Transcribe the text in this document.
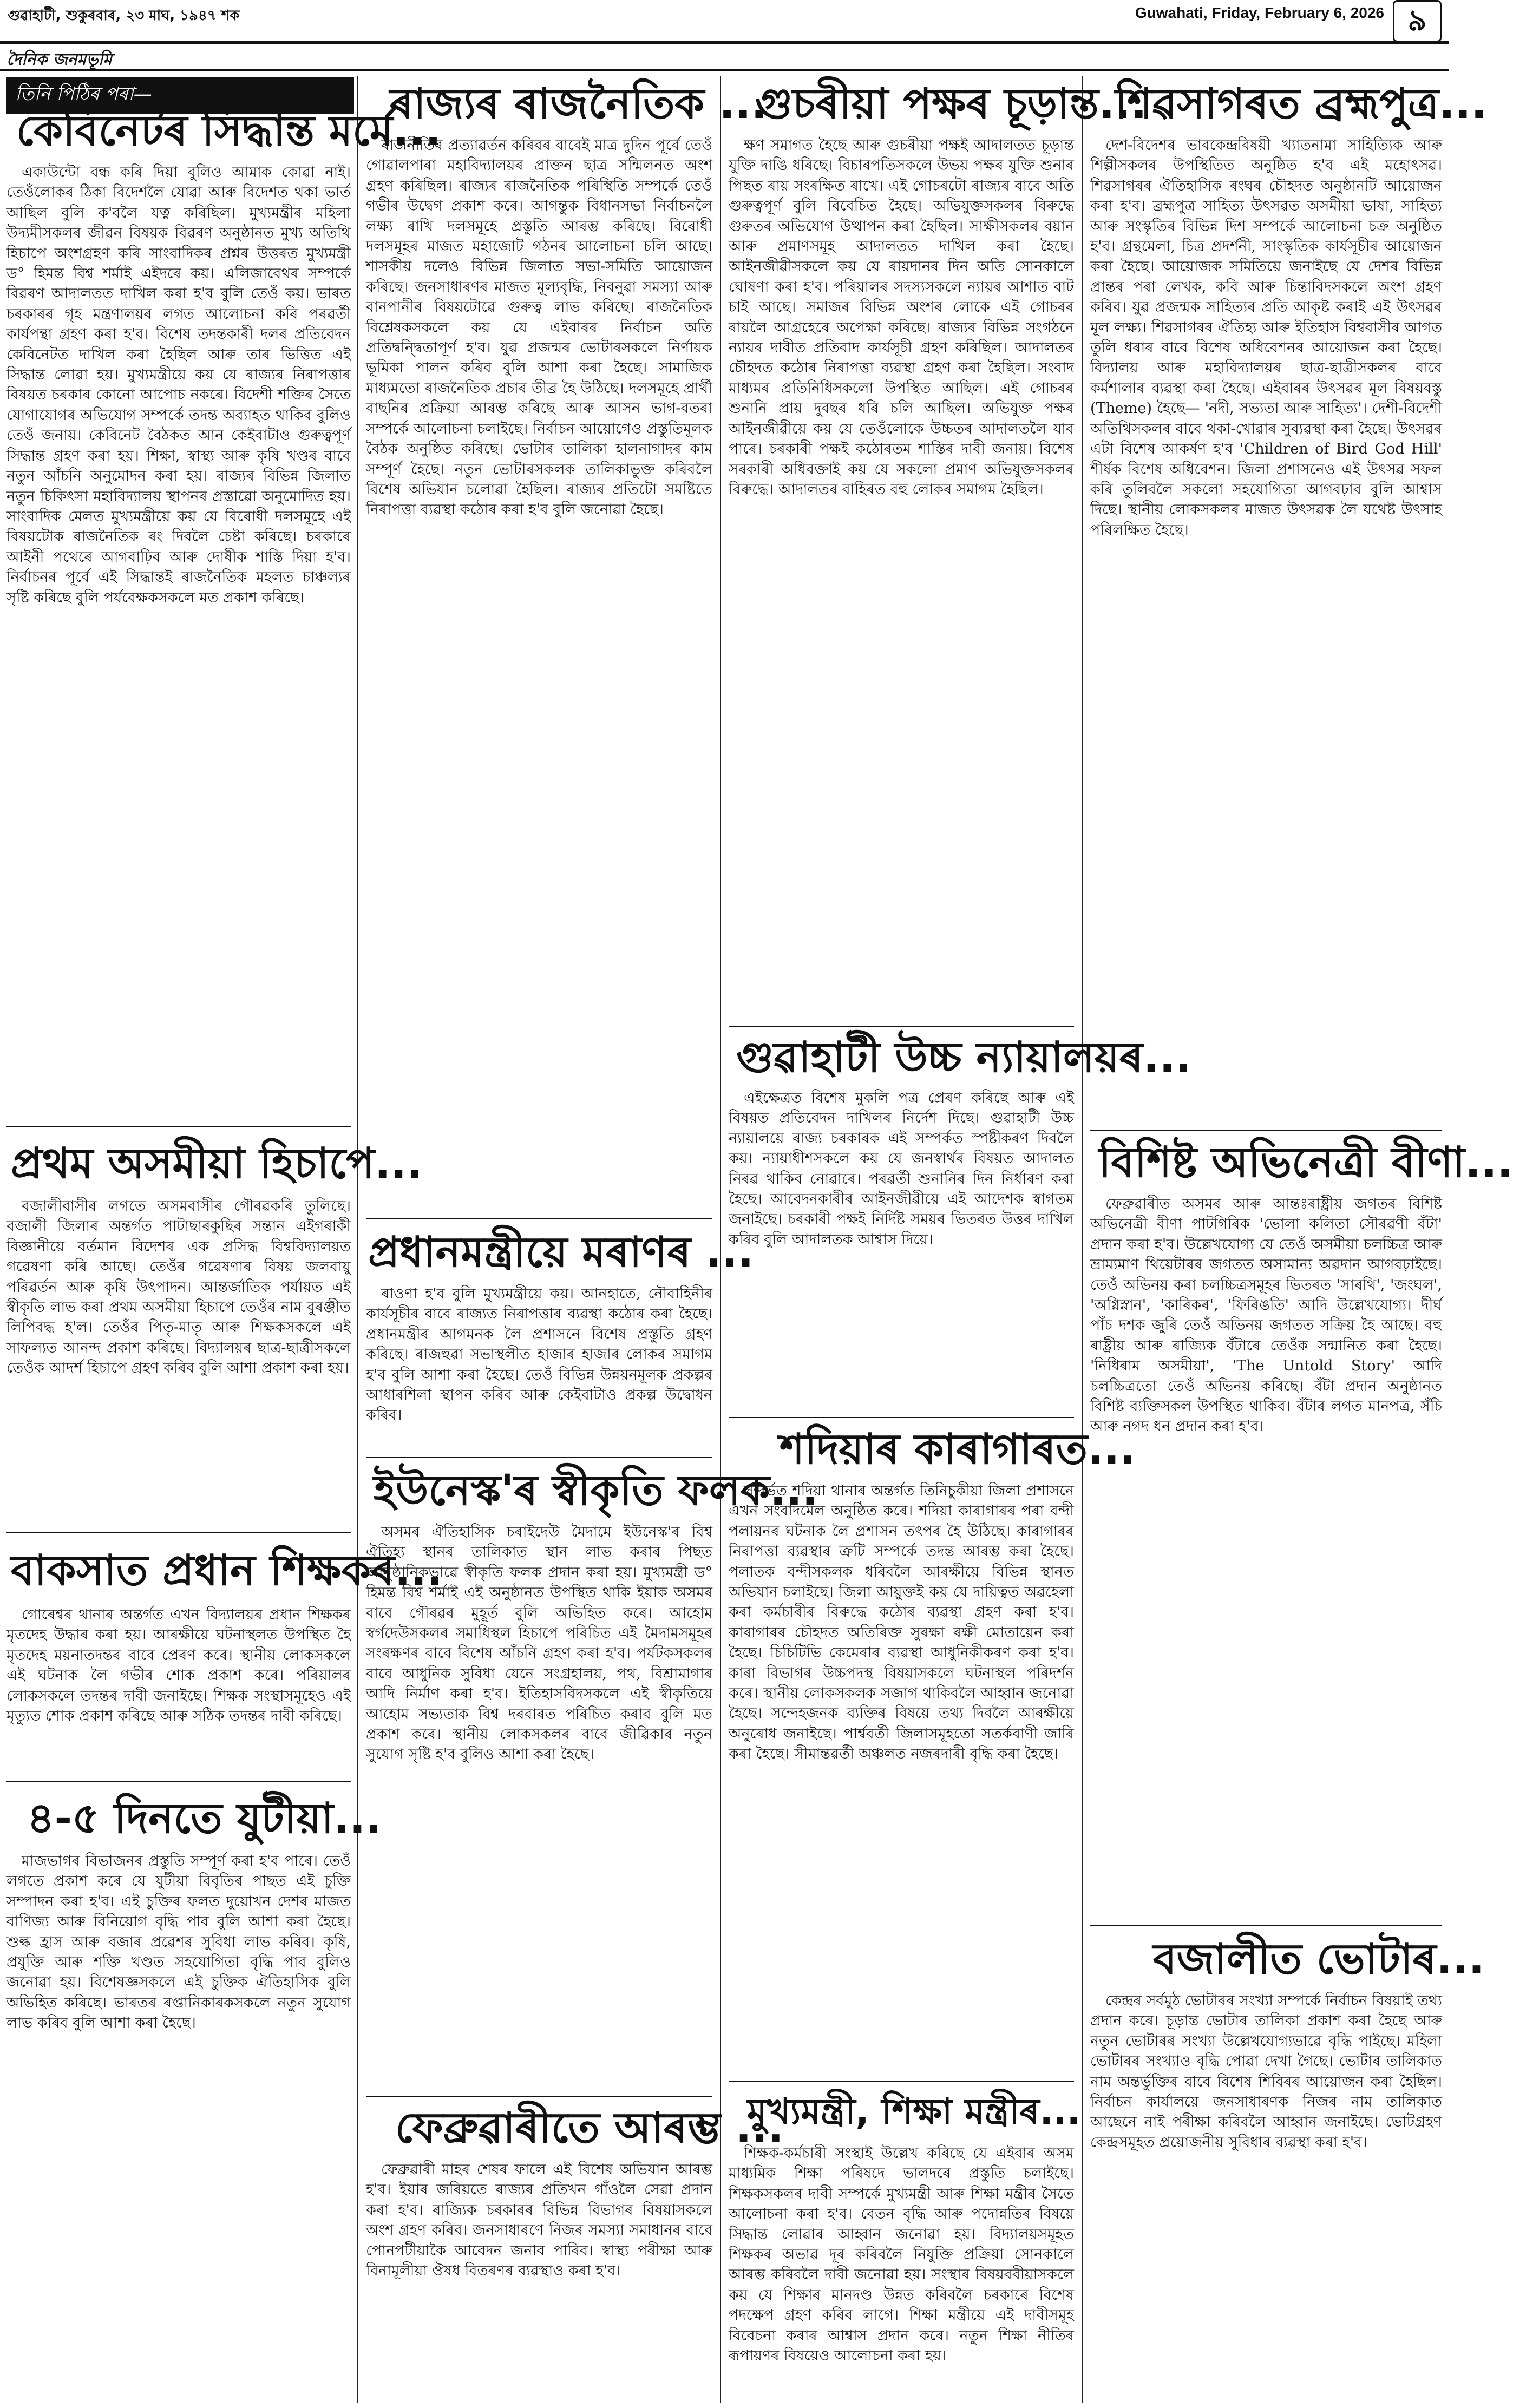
গুৱাহাটী, শুকুৰবাৰ, ২৩ মাঘ, ১৯৪৭ শক	Guwahati, Friday, February 6, 2026 ৯
দৈনিক জনমভূমি
তিনি পিঠিৰ পৰা—
কেবিনেটৰ সিদ্ধান্ত মৰ্মে...

একাউন্টো বন্ধ কৰি দিয়া বুলিও আমাক কোৱা নাই। তেওঁলোকৰ ঠিকা বিদেশলৈ যোৱা আৰু বিদেশত থকা ভাৰ্ত আছিল বুলি ক'বলৈ যত্ন কৰিছিল। মুখ্যমন্ত্ৰীৰ মহিলা উদ্যমীসকলৰ জীৱন বিষয়ক বিৱৰণ অনুষ্ঠানত মুখ্য অতিথি হিচাপে অংশগ্ৰহণ কৰি সাংবাদিকৰ প্ৰশ্নৰ উত্তৰত মুখ্যমন্ত্ৰী ড° হিমন্ত বিশ্ব শৰ্মাই এইদৰে কয়। এলিজাবেথৰ সম্পৰ্কে বিৱৰণ আদালতত দাখিল কৰা হ'ব বুলি তেওঁ কয়। ভাৰত চৰকাৰৰ গৃহ মন্ত্ৰণালয়ৰ লগত আলোচনা কৰি পৰৱৰ্তী কাৰ্যপন্থা গ্ৰহণ কৰা হ'ব। বিশেষ তদন্তকাৰী দলৰ প্ৰতিবেদন কেবিনেটত দাখিল কৰা হৈছিল আৰু তাৰ ভিত্তিত এই সিদ্ধান্ত লোৱা হয়। মুখ্যমন্ত্ৰীয়ে কয় যে ৰাজ্যৰ নিৰাপত্তাৰ বিষয়ত চৰকাৰ কোনো আপোচ নকৰে। বিদেশী শক্তিৰ সৈতে যোগাযোগৰ অভিযোগ সম্পৰ্কে তদন্ত অব্যাহত থাকিব বুলিও তেওঁ জনায়। কেবিনেট বৈঠকত আন কেইবাটাও গুৰুত্বপূৰ্ণ সিদ্ধান্ত গ্ৰহণ কৰা হয়। শিক্ষা, স্বাস্থ্য আৰু কৃষি খণ্ডৰ বাবে নতুন আঁচনি অনুমোদন কৰা হয়। ৰাজ্যৰ বিভিন্ন জিলাত নতুন চিকিৎসা মহাবিদ্যালয় স্থাপনৰ প্ৰস্তাৱো অনুমোদিত হয়। সাংবাদিক মেলত মুখ্যমন্ত্ৰীয়ে কয় যে বিৰোধী দলসমূহে এই বিষয়টোক ৰাজনৈতিক ৰং দিবলৈ চেষ্টা কৰিছে। চৰকাৰে আইনী পথেৰে আগবাঢ়িব আৰু দোষীক শাস্তি দিয়া হ'ব। নিৰ্বাচনৰ পূৰ্বে এই সিদ্ধান্তই ৰাজনৈতিক মহলত চাঞ্চল্যৰ সৃষ্টি কৰিছে বুলি পৰ্যবেক্ষকসকলে মত প্ৰকাশ কৰিছে।

প্ৰথম অসমীয়া হিচাপে...

বজালীবাসীৰ লগতে অসমবাসীৰ গৌৰৱকৰি তুলিছে। বজালী জিলাৰ অন্তৰ্গত পাটাছাৰকুছিৰ সন্তান এইগৰাকী বিজ্ঞানীয়ে বৰ্তমান বিদেশৰ এক প্ৰসিদ্ধ বিশ্ববিদ্যালয়ত গৱেষণা কৰি আছে। তেওঁৰ গৱেষণাৰ বিষয় জলবায়ু পৰিৱৰ্তন আৰু কৃষি উৎপাদন। আন্তৰ্জাতিক পৰ্যায়ত এই স্বীকৃতি লাভ কৰা প্ৰথম অসমীয়া হিচাপে তেওঁৰ নাম বুৰঞ্জীত লিপিবদ্ধ হ'ল। তেওঁৰ পিতৃ-মাতৃ আৰু শিক্ষকসকলে এই সাফল্যত আনন্দ প্ৰকাশ কৰিছে। বিদ্যালয়ৰ ছাত্ৰ-ছাত্ৰীসকলে তেওঁক আদৰ্শ হিচাপে গ্ৰহণ কৰিব বুলি আশা প্ৰকাশ কৰা হয়।

বাকসাত প্ৰধান শিক্ষকৰ...

গোৰেশ্বৰ থানাৰ অন্তৰ্গত এখন বিদ্যালয়ৰ প্ৰধান শিক্ষকৰ মৃতদেহ উদ্ধাৰ কৰা হয়। আৰক্ষীয়ে ঘটনাস্থলত উপস্থিত হৈ মৃতদেহ ময়নাতদন্তৰ বাবে প্ৰেৰণ কৰে। স্থানীয় লোকসকলে এই ঘটনাক লৈ গভীৰ শোক প্ৰকাশ কৰে। পৰিয়ালৰ লোকসকলে তদন্তৰ দাবী জনাইছে। শিক্ষক সংস্থাসমূহেও এই মৃত্যুত শোক প্ৰকাশ কৰিছে আৰু সঠিক তদন্তৰ দাবী কৰিছে।

৪-৫ দিনতে যুটীয়া...

মাজভাগৰ বিভাজনৰ প্ৰস্তুতি সম্পূৰ্ণ কৰা হ'ব পাৰে। তেওঁ লগতে প্ৰকাশ কৰে যে যুটীয়া বিবৃতিৰ পাছত এই চুক্তি সম্পাদন কৰা হ'ব। এই চুক্তিৰ ফলত দুয়োখন দেশৰ মাজত বাণিজ্য আৰু বিনিয়োগ বৃদ্ধি পাব বুলি আশা কৰা হৈছে। শুল্ক হ্ৰাস আৰু বজাৰ প্ৰৱেশৰ সুবিধা লাভ কৰিব। কৃষি, প্ৰযুক্তি আৰু শক্তি খণ্ডত সহযোগিতা বৃদ্ধি পাব বুলিও জনোৱা হয়। বিশেষজ্ঞসকলে এই চুক্তিক ঐতিহাসিক বুলি অভিহিত কৰিছে। ভাৰতৰ ৰপ্তানিকাৰকসকলে নতুন সুযোগ লাভ কৰিব বুলি আশা কৰা হৈছে।

ৰাজ্যৰ ৰাজনৈতিক ...

ৰাজনীতিৰ প্ৰত্যাৱৰ্তন কৰিবৰ বাবেই মাত্ৰ দুদিন পূৰ্বে তেওঁ গোৱালপাৰা মহাবিদ্যালয়ৰ প্ৰাক্তন ছাত্ৰ সন্মিলনত অংশ গ্ৰহণ কৰিছিল। ৰাজ্যৰ ৰাজনৈতিক পৰিস্থিতি সম্পৰ্কে তেওঁ গভীৰ উদ্বেগ প্ৰকাশ কৰে। আগন্তুক বিধানসভা নিৰ্বাচনলৈ লক্ষ্য ৰাখি দলসমূহে প্ৰস্তুতি আৰম্ভ কৰিছে। বিৰোধী দলসমূহৰ মাজত মহাজোট গঠনৰ আলোচনা চলি আছে। শাসকীয় দলেও বিভিন্ন জিলাত সভা-সমিতি আয়োজন কৰিছে। জনসাধাৰণৰ মাজত মূল্যবৃদ্ধি, নিবনুৱা সমস্যা আৰু বানপানীৰ বিষয়টোৱে গুৰুত্ব লাভ কৰিছে। ৰাজনৈতিক বিশ্লেষকসকলে কয় যে এইবাৰৰ নিৰ্বাচন অতি প্ৰতিদ্বন্দ্বিতাপূৰ্ণ হ'ব। যুৱ প্ৰজন্মৰ ভোটাৰসকলে নিৰ্ণায়ক ভূমিকা পালন কৰিব বুলি আশা কৰা হৈছে। সামাজিক মাধ্যমতো ৰাজনৈতিক প্ৰচাৰ তীব্ৰ হৈ উঠিছে। দলসমূহে প্ৰাৰ্থী বাছনিৰ প্ৰক্ৰিয়া আৰম্ভ কৰিছে আৰু আসন ভাগ-বতৰা সম্পৰ্কে আলোচনা চলাইছে। নিৰ্বাচন আয়োগেও প্ৰস্তুতিমূলক বৈঠক অনুষ্ঠিত কৰিছে। ভোটাৰ তালিকা হালনাগাদৰ কাম সম্পূৰ্ণ হৈছে। নতুন ভোটাৰসকলক তালিকাভুক্ত কৰিবলৈ বিশেষ অভিযান চলোৱা হৈছিল। ৰাজ্যৰ প্ৰতিটো সমষ্টিতে নিৰাপত্তা ব্যৱস্থা কঠোৰ কৰা হ'ব বুলি জনোৱা হৈছে।

প্ৰধানমন্ত্ৰীয়ে মৰাণৰ ...

ৰাওণা হ'ব বুলি মুখ্যমন্ত্ৰীয়ে কয়। আনহাতে, নৌবাহিনীৰ কাৰ্যসূচীৰ বাবে ৰাজ্যত নিৰাপত্তাৰ ব্যৱস্থা কঠোৰ কৰা হৈছে। প্ৰধানমন্ত্ৰীৰ আগমনক লৈ প্ৰশাসনে বিশেষ প্ৰস্তুতি গ্ৰহণ কৰিছে। ৰাজহুৱা সভাস্থলীত হাজাৰ হাজাৰ লোকৰ সমাগম হ'ব বুলি আশা কৰা হৈছে। তেওঁ বিভিন্ন উন্নয়নমূলক প্ৰকল্পৰ আধাৰশিলা স্থাপন কৰিব আৰু কেইবাটাও প্ৰকল্প উদ্বোধন কৰিব।

ইউনেস্ক'ৰ স্বীকৃতি ফলক...

অসমৰ ঐতিহাসিক চৰাইদেউ মৈদামে ইউনেস্ক'ৰ বিশ্ব ঐতিহ্য স্থানৰ তালিকাত স্থান লাভ কৰাৰ পিছত আনুষ্ঠানিকভাৱে স্বীকৃতি ফলক প্ৰদান কৰা হয়। মুখ্যমন্ত্ৰী ড° হিমন্ত বিশ্ব শৰ্মাই এই অনুষ্ঠানত উপস্থিত থাকি ইয়াক অসমৰ বাবে গৌৰৱৰ মুহূৰ্ত বুলি অভিহিত কৰে। আহোম স্বৰ্গদেউসকলৰ সমাধিস্থল হিচাপে পৰিচিত এই মৈদামসমূহৰ সংৰক্ষণৰ বাবে বিশেষ আঁচনি গ্ৰহণ কৰা হ'ব। পৰ্যটকসকলৰ বাবে আধুনিক সুবিধা যেনে সংগ্ৰহালয়, পথ, বিশ্ৰামাগাৰ আদি নিৰ্মাণ কৰা হ'ব। ইতিহাসবিদসকলে এই স্বীকৃতিয়ে আহোম সভ্যতাক বিশ্ব দৰবাৰত পৰিচিত কৰাব বুলি মত প্ৰকাশ কৰে। স্থানীয় লোকসকলৰ বাবে জীৱিকাৰ নতুন সুযোগ সৃষ্টি হ'ব বুলিও আশা কৰা হৈছে।

ফেব্ৰুৱাৰীতে আৰম্ভ ...

ফেব্ৰুৱাৰী মাহৰ শেষৰ ফালে এই বিশেষ অভিযান আৰম্ভ হ'ব। ইয়াৰ জৰিয়তে ৰাজ্যৰ প্ৰতিখন গাঁওলৈ সেৱা প্ৰদান কৰা হ'ব। ৰাজ্যিক চৰকাৰৰ বিভিন্ন বিভাগৰ বিষয়াসকলে অংশ গ্ৰহণ কৰিব। জনসাধাৰণে নিজৰ সমস্যা সমাধানৰ বাবে পোনপটীয়াকৈ আবেদন জনাব পাৰিব। স্বাস্থ্য পৰীক্ষা আৰু বিনামূলীয়া ঔষধ বিতৰণৰ ব্যৱস্থাও কৰা হ'ব।

গুচৰীয়া পক্ষৰ চূড়ান্ত...

ক্ষণ সমাগত হৈছে আৰু গুচৰীয়া পক্ষই আদালতত চূড়ান্ত যুক্তি দাঙি ধৰিছে। বিচাৰপতিসকলে উভয় পক্ষৰ যুক্তি শুনাৰ পিছত ৰায় সংৰক্ষিত ৰাখে। এই গোচৰটো ৰাজ্যৰ বাবে অতি গুৰুত্বপূৰ্ণ বুলি বিবেচিত হৈছে। অভিযুক্তসকলৰ বিৰুদ্ধে গুৰুতৰ অভিযোগ উত্থাপন কৰা হৈছিল। সাক্ষীসকলৰ বয়ান আৰু প্ৰমাণসমূহ আদালতত দাখিল কৰা হৈছে। আইনজীৱীসকলে কয় যে ৰায়দানৰ দিন অতি সোনকালে ঘোষণা কৰা হ'ব। পৰিয়ালৰ সদস্যসকলে ন্যায়ৰ আশাত বাট চাই আছে। সমাজৰ বিভিন্ন অংশৰ লোকে এই গোচৰৰ ৰায়লৈ আগ্ৰহেৰে অপেক্ষা কৰিছে। ৰাজ্যৰ বিভিন্ন সংগঠনে ন্যায়ৰ দাবীত প্ৰতিবাদ কাৰ্যসূচী গ্ৰহণ কৰিছিল। আদালতৰ চৌহদত কঠোৰ নিৰাপত্তা ব্যৱস্থা গ্ৰহণ কৰা হৈছিল। সংবাদ মাধ্যমৰ প্ৰতিনিধিসকলো উপস্থিত আছিল। এই গোচৰৰ শুনানি প্ৰায় দুবছৰ ধৰি চলি আছিল। অভিযুক্ত পক্ষৰ আইনজীৱীয়ে কয় যে তেওঁলোকে উচ্চতৰ আদালতলৈ যাব পাৰে। চৰকাৰী পক্ষই কঠোৰতম শাস্তিৰ দাবী জনায়। বিশেষ সৰকাৰী অধিবক্তাই কয় যে সকলো প্ৰমাণ অভিযুক্তসকলৰ বিৰুদ্ধে। আদালতৰ বাহিৰত বহু লোকৰ সমাগম হৈছিল।

গুৱাহাটী উচ্চ ন্যায়ালয়ৰ...

এইক্ষেত্ৰত বিশেষ মুকলি পত্ৰ প্ৰেৰণ কৰিছে আৰু এই বিষয়ত প্ৰতিবেদন দাখিলৰ নিৰ্দেশ দিছে। গুৱাহাটী উচ্চ ন্যায়ালয়ে ৰাজ্য চৰকাৰক এই সম্পৰ্কত স্পষ্টীকৰণ দিবলৈ কয়। ন্যায়াধীশসকলে কয় যে জনস্বাৰ্থৰ বিষয়ত আদালত নিৰৱ থাকিব নোৱাৰে। পৰৱৰ্তী শুনানিৰ দিন নিৰ্ধাৰণ কৰা হৈছে। আবেদনকাৰীৰ আইনজীৱীয়ে এই আদেশক স্বাগতম জনাইছে। চৰকাৰী পক্ষই নিৰ্দিষ্ট সময়ৰ ভিতৰত উত্তৰ দাখিল কৰিব বুলি আদালতক আশ্বাস দিয়ে।

শদিয়াৰ কাৰাগাৰত...

সন্দৰ্ভত শদিয়া থানাৰ অন্তৰ্গত তিনিচুকীয়া জিলা প্ৰশাসনে এখন সংবাদমেল অনুষ্ঠিত কৰে। শদিয়া কাৰাগাৰৰ পৰা বন্দী পলায়নৰ ঘটনাক লৈ প্ৰশাসন তৎপৰ হৈ উঠিছে। কাৰাগাৰৰ নিৰাপত্তা ব্যৱস্থাৰ ত্ৰুটি সম্পৰ্কে তদন্ত আৰম্ভ কৰা হৈছে। পলাতক বন্দীসকলক ধৰিবলৈ আৰক্ষীয়ে বিভিন্ন স্থানত অভিযান চলাইছে। জিলা আয়ুক্তই কয় যে দায়িত্বত অৱহেলা কৰা কৰ্মচাৰীৰ বিৰুদ্ধে কঠোৰ ব্যৱস্থা গ্ৰহণ কৰা হ'ব। কাৰাগাৰৰ চৌহদত অতিৰিক্ত সুৰক্ষা ৰক্ষী মোতায়েন কৰা হৈছে। চিচিটিভি কেমেৰাৰ ব্যৱস্থা আধুনিকীকৰণ কৰা হ'ব। কাৰা বিভাগৰ উচ্চপদস্থ বিষয়াসকলে ঘটনাস্থল পৰিদৰ্শন কৰে। স্থানীয় লোকসকলক সজাগ থাকিবলৈ আহ্বান জনোৱা হৈছে। সন্দেহজনক ব্যক্তিৰ বিষয়ে তথ্য দিবলৈ আৰক্ষীয়ে অনুৰোধ জনাইছে। পাৰ্শ্ববৰ্তী জিলাসমূহতো সতৰ্কবাণী জাৰি কৰা হৈছে। সীমান্তৱৰ্তী অঞ্চলত নজৰদাৰী বৃদ্ধি কৰা হৈছে।

মুখ্যমন্ত্ৰী, শিক্ষা মন্ত্ৰীৰ...

শিক্ষক-কৰ্মচাৰী সংস্থাই উল্লেখ কৰিছে যে এইবাৰ অসম মাধ্যমিক শিক্ষা পৰিষদে ভালদৰে প্ৰস্তুতি চলাইছে। শিক্ষকসকলৰ দাবী সম্পৰ্কে মুখ্যমন্ত্ৰী আৰু শিক্ষা মন্ত্ৰীৰ সৈতে আলোচনা কৰা হ'ব। বেতন বৃদ্ধি আৰু পদোন্নতিৰ বিষয়ে সিদ্ধান্ত লোৱাৰ আহ্বান জনোৱা হয়। বিদ্যালয়সমূহত শিক্ষকৰ অভাৱ দূৰ কৰিবলৈ নিযুক্তি প্ৰক্ৰিয়া সোনকালে আৰম্ভ কৰিবলৈ দাবী জনোৱা হয়। সংস্থাৰ বিষয়ববীয়াসকলে কয় যে শিক্ষাৰ মানদণ্ড উন্নত কৰিবলৈ চৰকাৰে বিশেষ পদক্ষেপ গ্ৰহণ কৰিব লাগে। শিক্ষা মন্ত্ৰীয়ে এই দাবীসমূহ বিবেচনা কৰাৰ আশ্বাস প্ৰদান কৰে। নতুন শিক্ষা নীতিৰ ৰূপায়ণৰ বিষয়েও আলোচনা কৰা হয়।

শিৱসাগৰত ব্ৰহ্মপুত্ৰ...

দেশ-বিদেশৰ ভাবকেন্দ্ৰবিষয়ী খ্যাতনামা সাহিত্যিক আৰু শিল্পীসকলৰ উপস্থিতিত অনুষ্ঠিত হ'ব এই মহোৎসৱ। শিৱসাগৰৰ ঐতিহাসিক ৰংঘৰ চৌহদত অনুষ্ঠানটি আয়োজন কৰা হ'ব। ব্ৰহ্মপুত্ৰ সাহিত্য উৎসৱত অসমীয়া ভাষা, সাহিত্য আৰু সংস্কৃতিৰ বিভিন্ন দিশ সম্পৰ্কে আলোচনা চক্ৰ অনুষ্ঠিত হ'ব। গ্ৰন্থমেলা, চিত্ৰ প্ৰদৰ্শনী, সাংস্কৃতিক কাৰ্যসূচীৰ আয়োজন কৰা হৈছে। আয়োজক সমিতিয়ে জনাইছে যে দেশৰ বিভিন্ন প্ৰান্তৰ পৰা লেখক, কবি আৰু চিন্তাবিদসকলে অংশ গ্ৰহণ কৰিব। যুৱ প্ৰজন্মক সাহিত্যৰ প্ৰতি আকৃষ্ট কৰাই এই উৎসৱৰ মূল লক্ষ্য। শিৱসাগৰৰ ঐতিহ্য আৰু ইতিহাস বিশ্ববাসীৰ আগত তুলি ধৰাৰ বাবে বিশেষ অধিবেশনৰ আয়োজন কৰা হৈছে। বিদ্যালয় আৰু মহাবিদ্যালয়ৰ ছাত্ৰ-ছাত্ৰীসকলৰ বাবে কৰ্মশালাৰ ব্যৱস্থা কৰা হৈছে। এইবাৰৰ উৎসৱৰ মূল বিষয়বস্তু (Theme) হৈছে— 'নদী, সভ্যতা আৰু সাহিত্য'। দেশী-বিদেশী অতিথিসকলৰ বাবে থকা-খোৱাৰ সুব্যৱস্থা কৰা হৈছে। উৎসৱৰ এটা বিশেষ আকৰ্ষণ হ'ব 'Children of Bird God Hill' শীৰ্ষক বিশেষ অধিবেশন। জিলা প্ৰশাসনেও এই উৎসৱ সফল কৰি তুলিবলৈ সকলো সহযোগিতা আগবঢ়াব বুলি আশ্বাস দিছে। স্থানীয় লোকসকলৰ মাজত উৎসৱক লৈ যথেষ্ট উৎসাহ পৰিলক্ষিত হৈছে।

বিশিষ্ট অভিনেত্ৰী বীণা...

ফেব্ৰুৱাৰীত অসমৰ আৰু আন্তঃৰাষ্ট্ৰীয় জগতৰ বিশিষ্ট অভিনেত্ৰী বীণা পাটগিৰিক 'ভোলা কলিতা সৌৰৱণী বঁটা' প্ৰদান কৰা হ'ব। উল্লেখযোগ্য যে তেওঁ অসমীয়া চলচ্চিত্ৰ আৰু ভ্ৰাম্যমাণ থিয়েটাৰৰ জগতত অসামান্য অৱদান আগবঢ়াইছে। তেওঁ অভিনয় কৰা চলচ্চিত্ৰসমূহৰ ভিতৰত 'সাৰথি', 'জংঘল', 'অগ্নিস্নান', 'কাৰিকৰ', 'ফিৰিঙতি' আদি উল্লেখযোগ্য। দীৰ্ঘ পাঁচ দশক জুৰি তেওঁ অভিনয় জগতত সক্ৰিয় হৈ আছে। বহু ৰাষ্ট্ৰীয় আৰু ৰাজ্যিক বঁটাৰে তেওঁক সন্মানিত কৰা হৈছে। 'নিধিৰাম অসমীয়া', 'The Untold Story' আদি চলচ্চিত্ৰতো তেওঁ অভিনয় কৰিছে। বঁটা প্ৰদান অনুষ্ঠানত বিশিষ্ট ব্যক্তিসকল উপস্থিত থাকিব। বঁটাৰ লগত মানপত্ৰ, সঁচি আৰু নগদ ধন প্ৰদান কৰা হ'ব।

বজালীত ভোটাৰ...

কেন্দ্ৰৰ সৰ্বমুঠ ভোটাৰৰ সংখ্যা সম্পৰ্কে নিৰ্বাচন বিষয়াই তথ্য প্ৰদান কৰে। চূড়ান্ত ভোটাৰ তালিকা প্ৰকাশ কৰা হৈছে আৰু নতুন ভোটাৰৰ সংখ্যা উল্লেখযোগ্যভাৱে বৃদ্ধি পাইছে। মহিলা ভোটাৰৰ সংখ্যাও বৃদ্ধি পোৱা দেখা গৈছে। ভোটাৰ তালিকাত নাম অন্তৰ্ভুক্তিৰ বাবে বিশেষ শিবিৰৰ আয়োজন কৰা হৈছিল। নিৰ্বাচন কাৰ্যালয়ে জনসাধাৰণক নিজৰ নাম তালিকাত আছেনে নাই পৰীক্ষা কৰিবলৈ আহ্বান জনাইছে। ভোটগ্ৰহণ কেন্দ্ৰসমূহত প্ৰয়োজনীয় সুবিধাৰ ব্যৱস্থা কৰা হ'ব।
